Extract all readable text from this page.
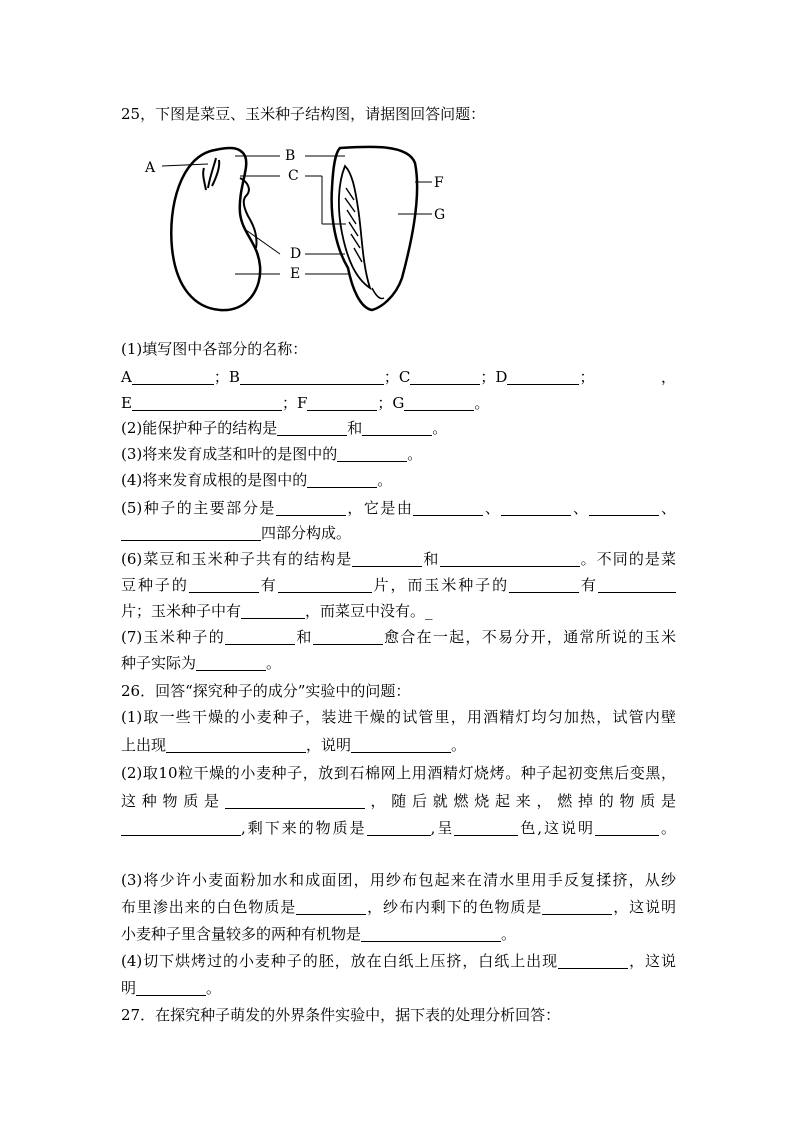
25，下图是菜豆、玉米种子结构图，请据图回答问题：
A
B
C
D
E
F
G
(1)填写图中各部分的名称：
A	；B	；C	；D	；，
E	；F	；G	。
(2)能保护种子的结构是	和	。
(3)将来发育成茎和叶的是图中的	。
(4)将来发育成根的是图中的	。
(5)种子的主要部分是	，它是由	、	、	、
四部分构成。
(6)菜豆和玉米种子共有的结构是	和	。不同的是菜
豆种子的	有	片，而玉米种子的	有
片；玉米种子中有	，而菜豆中没有。_
(7)玉米种子的	和	愈合在一起，不易分开，通常所说的玉米
种子实际为	。
26．回答“探究种子的成分”实验中的问题：
(1)取一些干燥的小麦种子，装进干燥的试管里，用酒精灯均匀加热，试管内壁
上出现	，说明	。
(2)取10粒干燥的小麦种子，放到石棉网上用酒精灯烧烤。种子起初变焦后变黑，
这种物质是	，随后就燃烧起来，燃掉的物质是
,剩下来的物质是	,呈	色,这说明	。
(3)将少许小麦面粉加水和成面团，用纱布包起来在清水里用手反复揉挤，从纱
布里渗出来的白色物质是	，纱布内剩下的色物质是	，这说明
小麦种子里含量较多的两种有机物是	。
(4)切下烘烤过的小麦种子的胚，放在白纸上压挤，白纸上出现	，这说
明	。
27．在探究种子萌发的外界条件实验中，据下表的处理分析回答：
